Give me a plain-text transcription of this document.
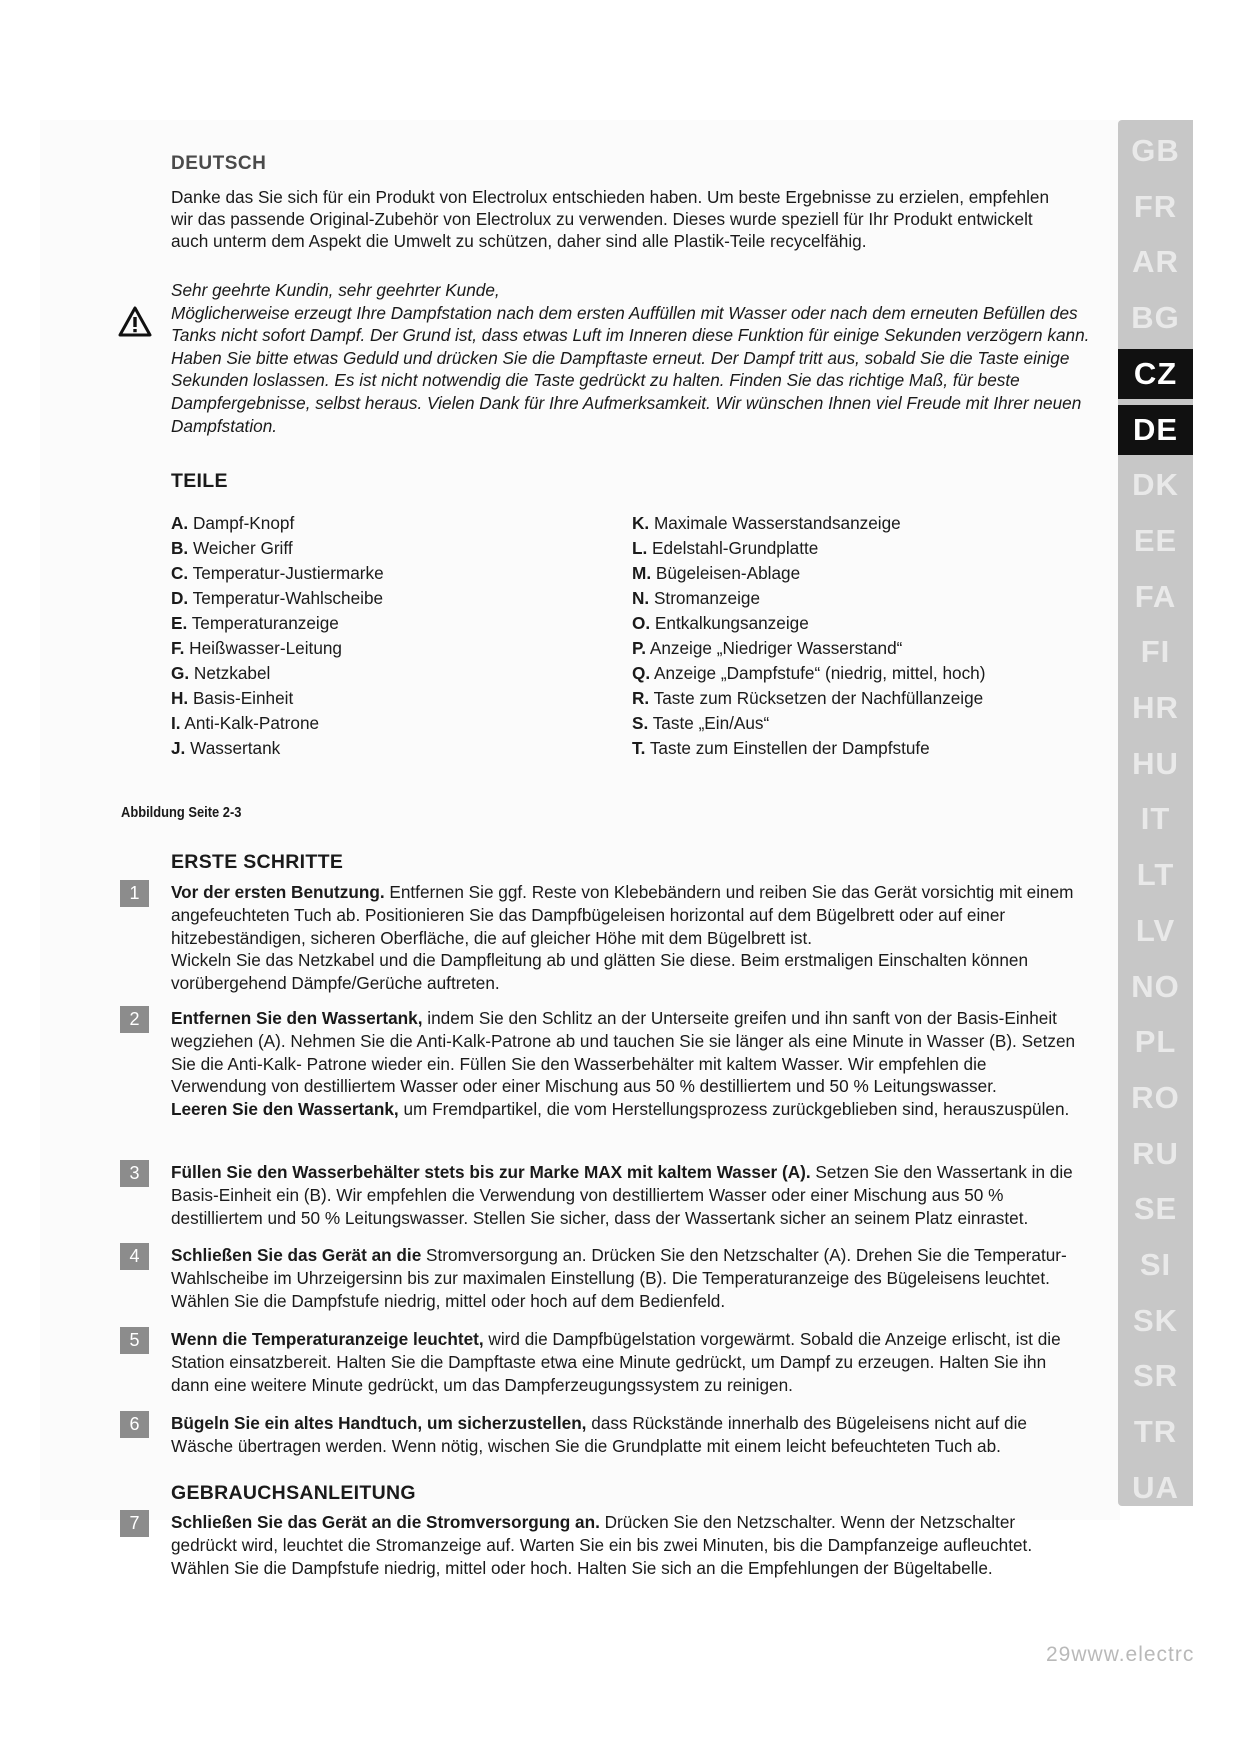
DEUTSCH

Danke das Sie sich für ein Produkt von Electrolux entschieden haben. Um beste Ergebnisse zu erzielen, empfehlen wir das passende Original-Zubehör von Electrolux zu verwenden. Dieses wurde speziell für Ihr Produkt entwickelt auch unterm dem Aspekt die Umwelt zu schützen, daher sind alle Plastik-Teile recycelfähig.

Sehr geehrte Kundin, sehr geehrter Kunde,
Möglicherweise erzeugt Ihre Dampfstation nach dem ersten Auffüllen mit Wasser oder nach dem erneuten Befüllen des Tanks nicht sofort Dampf. Der Grund ist, dass etwas Luft im Inneren diese Funktion für einige Sekunden verzögern kann. Haben Sie bitte etwas Geduld und drücken Sie die Dampftaste erneut. Der Dampf tritt aus, sobald Sie die Taste einige Sekunden loslassen. Es ist nicht notwendig die Taste gedrückt zu halten. Finden Sie das richtige Maß, für beste Dampfergebnisse, selbst heraus. Vielen Dank für Ihre Aufmerksamkeit. Wir wünschen Ihnen viel Freude mit Ihrer neuen Dampfstation.
TEILE
A. Dampf-Knopf
B. Weicher Griff
C. Temperatur-Justiermarke
D. Temperatur-Wahlscheibe
E. Temperaturanzeige
F. Heißwasser-Leitung
G. Netzkabel
H. Basis-Einheit
I. Anti-Kalk-Patrone
J. Wassertank
K. Maximale Wasserstandsanzeige
L. Edelstahl-Grundplatte
M. Bügeleisen-Ablage
N. Stromanzeige
O. Entkalkungsanzeige
P. Anzeige „Niedriger Wasserstand“
Q. Anzeige „Dampfstufe“ (niedrig, mittel, hoch)
R. Taste zum Rücksetzen der Nachfüllanzeige
S. Taste „Ein/Aus“
T. Taste zum Einstellen der Dampfstufe

Abbildung Seite 2-3

ERSTE SCHRITTE
1	Vor der ersten Benutzung. Entfernen Sie ggf. Reste von Klebebändern und reiben Sie das Gerät vorsichtig mit einem angefeuchteten Tuch ab. Positionieren Sie das Dampfbügeleisen horizontal auf dem Bügelbrett oder auf einer hitzebeständigen, sicheren Oberfläche, die auf gleicher Höhe mit dem Bügelbrett ist.
Wickeln Sie das Netzkabel und die Dampfleitung ab und glätten Sie diese. Beim erstmaligen Einschalten können vorübergehend Dämpfe/Gerüche auftreten.
2	Entfernen Sie den Wassertank, indem Sie den Schlitz an der Unterseite greifen und ihn sanft von der Basis-Einheit wegziehen (A). Nehmen Sie die Anti-Kalk-Patrone ab und tauchen Sie sie länger als eine Minute in Wasser (B). Setzen Sie die Anti-Kalk- Patrone wieder ein. Füllen Sie den Wasserbehälter mit kaltem Wasser. Wir empfehlen die Verwendung von destilliertem Wasser oder einer Mischung aus 50 % destilliertem und 50 % Leitungswasser.
Leeren Sie den Wassertank, um Fremdpartikel, die vom Herstellungsprozess zurückgeblieben sind, herauszuspülen.
3	Füllen Sie den Wasserbehälter stets bis zur Marke MAX mit kaltem Wasser (A). Setzen Sie den Wassertank in die Basis-Einheit ein (B). Wir empfehlen die Verwendung von destilliertem Wasser oder einer Mischung aus 50 % destilliertem und 50 % Leitungswasser. Stellen Sie sicher, dass der Wassertank sicher an seinem Platz einrastet.
4	Schließen Sie das Gerät an die Stromversorgung an. Drücken Sie den Netzschalter (A). Drehen Sie die Temperatur-Wahlscheibe im Uhrzeigersinn bis zur maximalen Einstellung (B). Die Temperaturanzeige des Bügeleisens leuchtet. Wählen Sie die Dampfstufe niedrig, mittel oder hoch auf dem Bedienfeld.
5	Wenn die Temperaturanzeige leuchtet, wird die Dampfbügelstation vorgewärmt. Sobald die Anzeige erlischt, ist die Station einsatzbereit. Halten Sie die Dampftaste etwa eine Minute gedrückt, um Dampf zu erzeugen. Halten Sie ihn dann eine weitere Minute gedrückt, um das Dampferzeugungssystem zu reinigen.
6	Bügeln Sie ein altes Handtuch, um sicherzustellen, dass Rückstände innerhalb des Bügeleisens nicht auf die Wäsche übertragen werden. Wenn nötig, wischen Sie die Grundplatte mit einem leicht befeuchteten Tuch ab.
GEBRAUCHSANLEITUNG
7	Schließen Sie das Gerät an die Stromversorgung an. Drücken Sie den Netzschalter. Wenn der Netzschalter gedrückt wird, leuchtet die Stromanzeige auf. Warten Sie ein bis zwei Minuten, bis die Dampfanzeige aufleuchtet. Wählen Sie die Dampfstufe niedrig, mittel oder hoch. Halten Sie sich an die Empfehlungen der Bügeltabelle.
GB
FR
AR
BG
CZ
DE
DK
EE
FA
FI
HR
HU
IT
LT
LV
NO
PL
RO
RU
SE
SI
SK
SR
TR
UA

29www.electrc
